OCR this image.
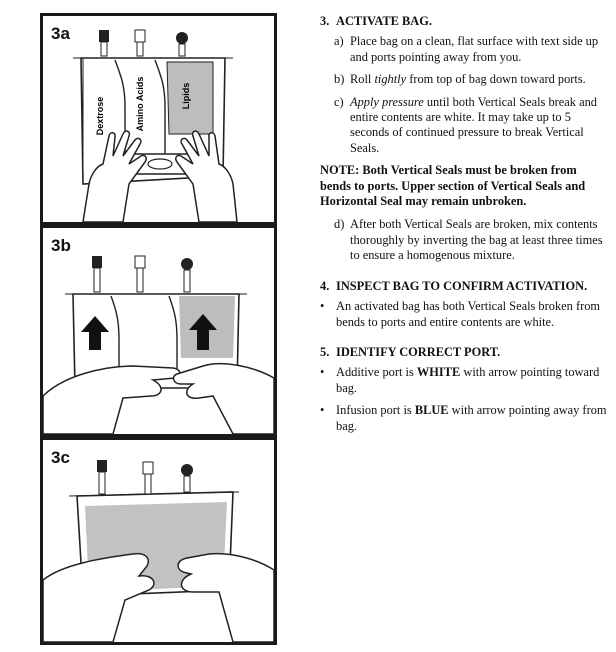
3a
Dextrose	Amino Acids	Lipids
3b
3c
3. ACTIVATE BAG.
a) Place bag on a clean, flat surface with text side up and ports pointing away from you.
b) Roll tightly from top of bag down toward ports.
c) Apply pressure until both Vertical Seals break and entire contents are white. It may take up to 5 seconds of continued pressure to break Vertical Seals.
NOTE: Both Vertical Seals must be broken from bends to ports. Upper section of Vertical Seals and Horizontal Seal may remain unbroken.
d) After both Vertical Seals are broken, mix contents thoroughly by inverting the bag at least three times to ensure a homogenous mixture.
4. INSPECT BAG TO CONFIRM ACTIVATION.
• An activated bag has both Vertical Seals broken from bends to ports and entire contents are white.
5. IDENTIFY CORRECT PORT.
• Additive port is WHITE with arrow pointing toward bag.
• Infusion port is BLUE with arrow pointing away from bag.
